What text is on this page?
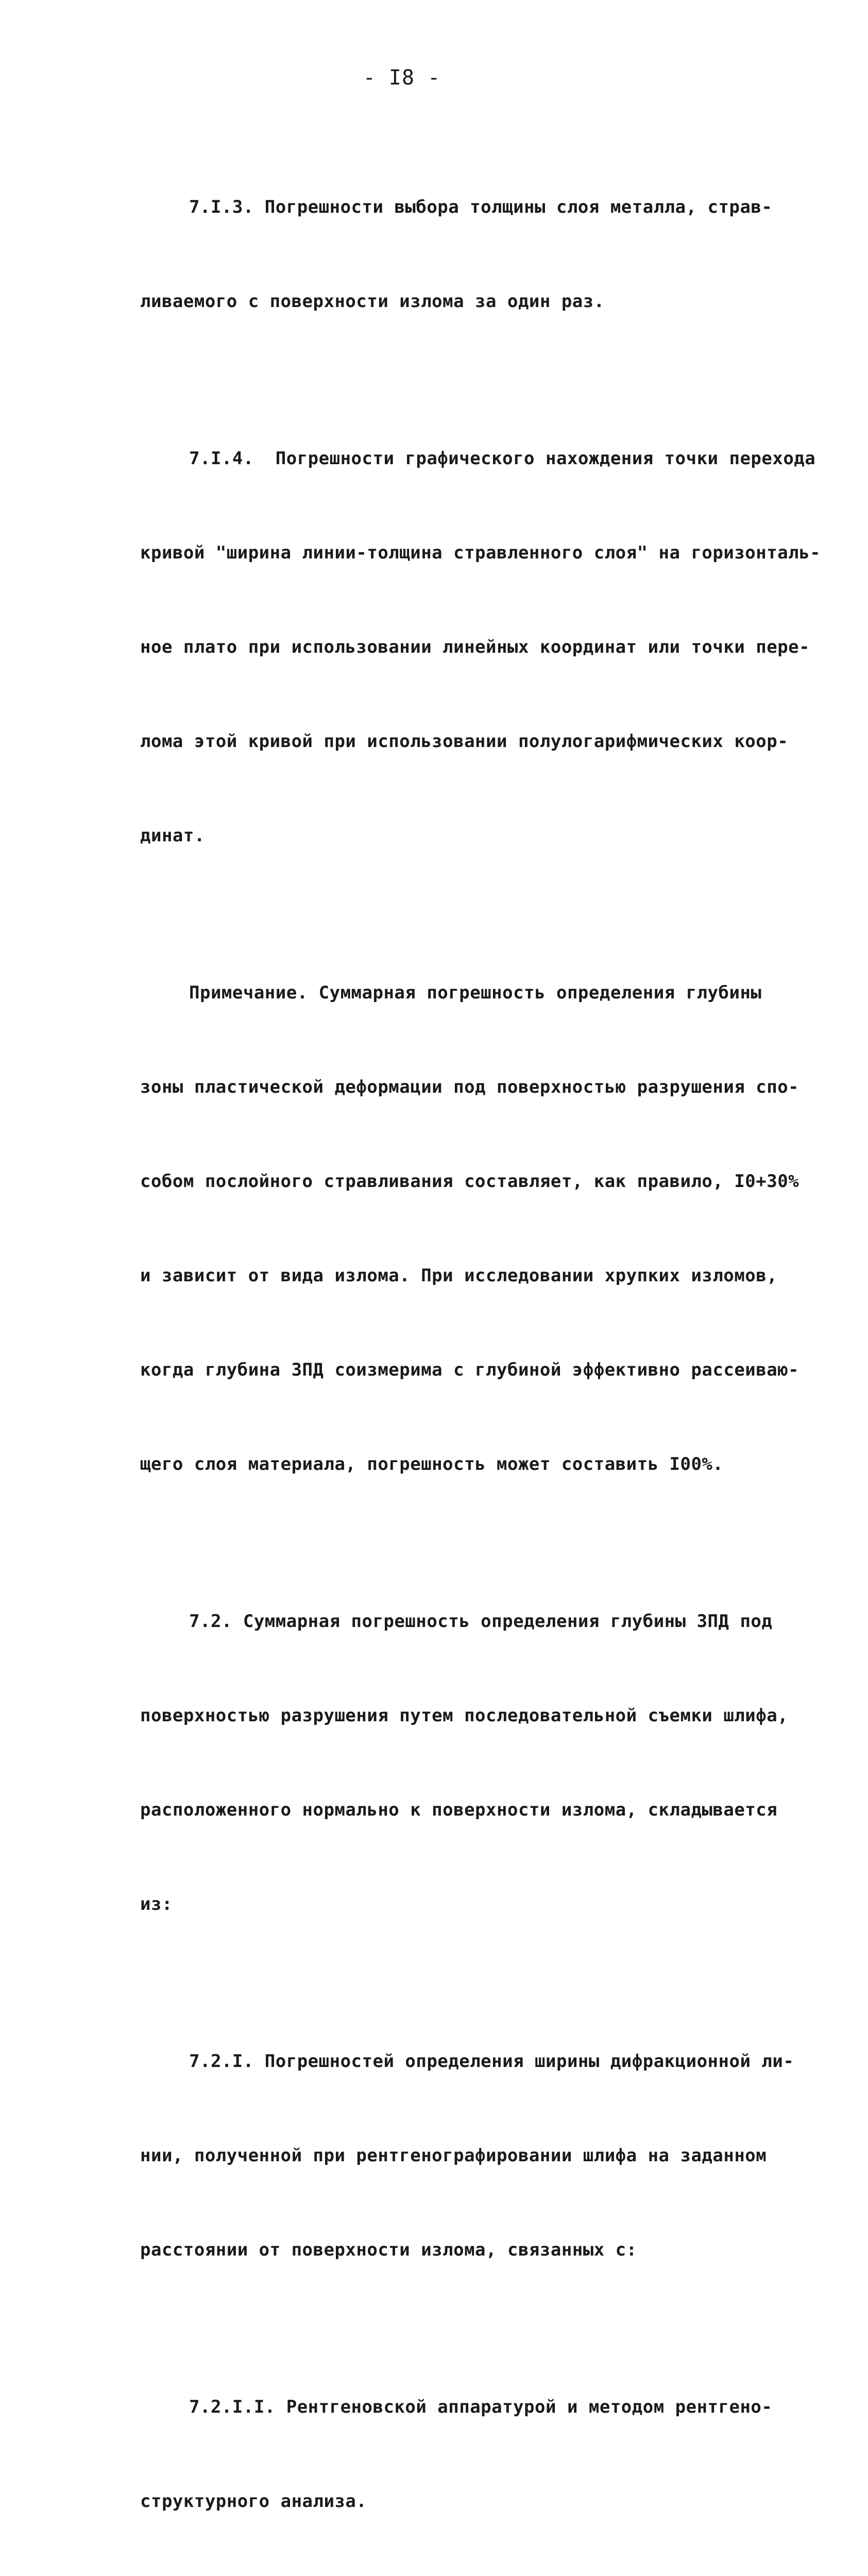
- I8 -

7.I.3. Погрешности выбора толщины слоя металла, страв-

ливаемого с поверхности излома за один раз.

7.I.4.  Погрешности графического нахождения точки перехода

кривой "ширина линии-толщина стравленного слоя" на горизонталь-

ное плато при использовании линейных координат или точки пере-

лома этой кривой при использовании полулогарифмических коор-

динат.

Примечание. Суммарная погрешность определения глубины

зоны пластической деформации под поверхностью разрушения спо-

собом послойного стравливания составляет, как правило, I0+30%

и зависит от вида излома. При исследовании хрупких изломов,

когда глубина ЗПД соизмерима с глубиной эффективно рассеиваю-

щего слоя материала, погрешность может составить I00%.

7.2. Суммарная погрешность определения глубины ЗПД под

поверхностью разрушения путем последовательной съемки шлифа,

расположенного нормально к поверхности излома, складывается

из:

7.2.I. Погрешностей определения ширины дифракционной ли-

нии, полученной при рентгенографировании шлифа на заданном

расстоянии от поверхности излома, связанных с:

7.2.I.I. Рентгеновской аппаратурой и методом рентгено-

структурного анализа.
